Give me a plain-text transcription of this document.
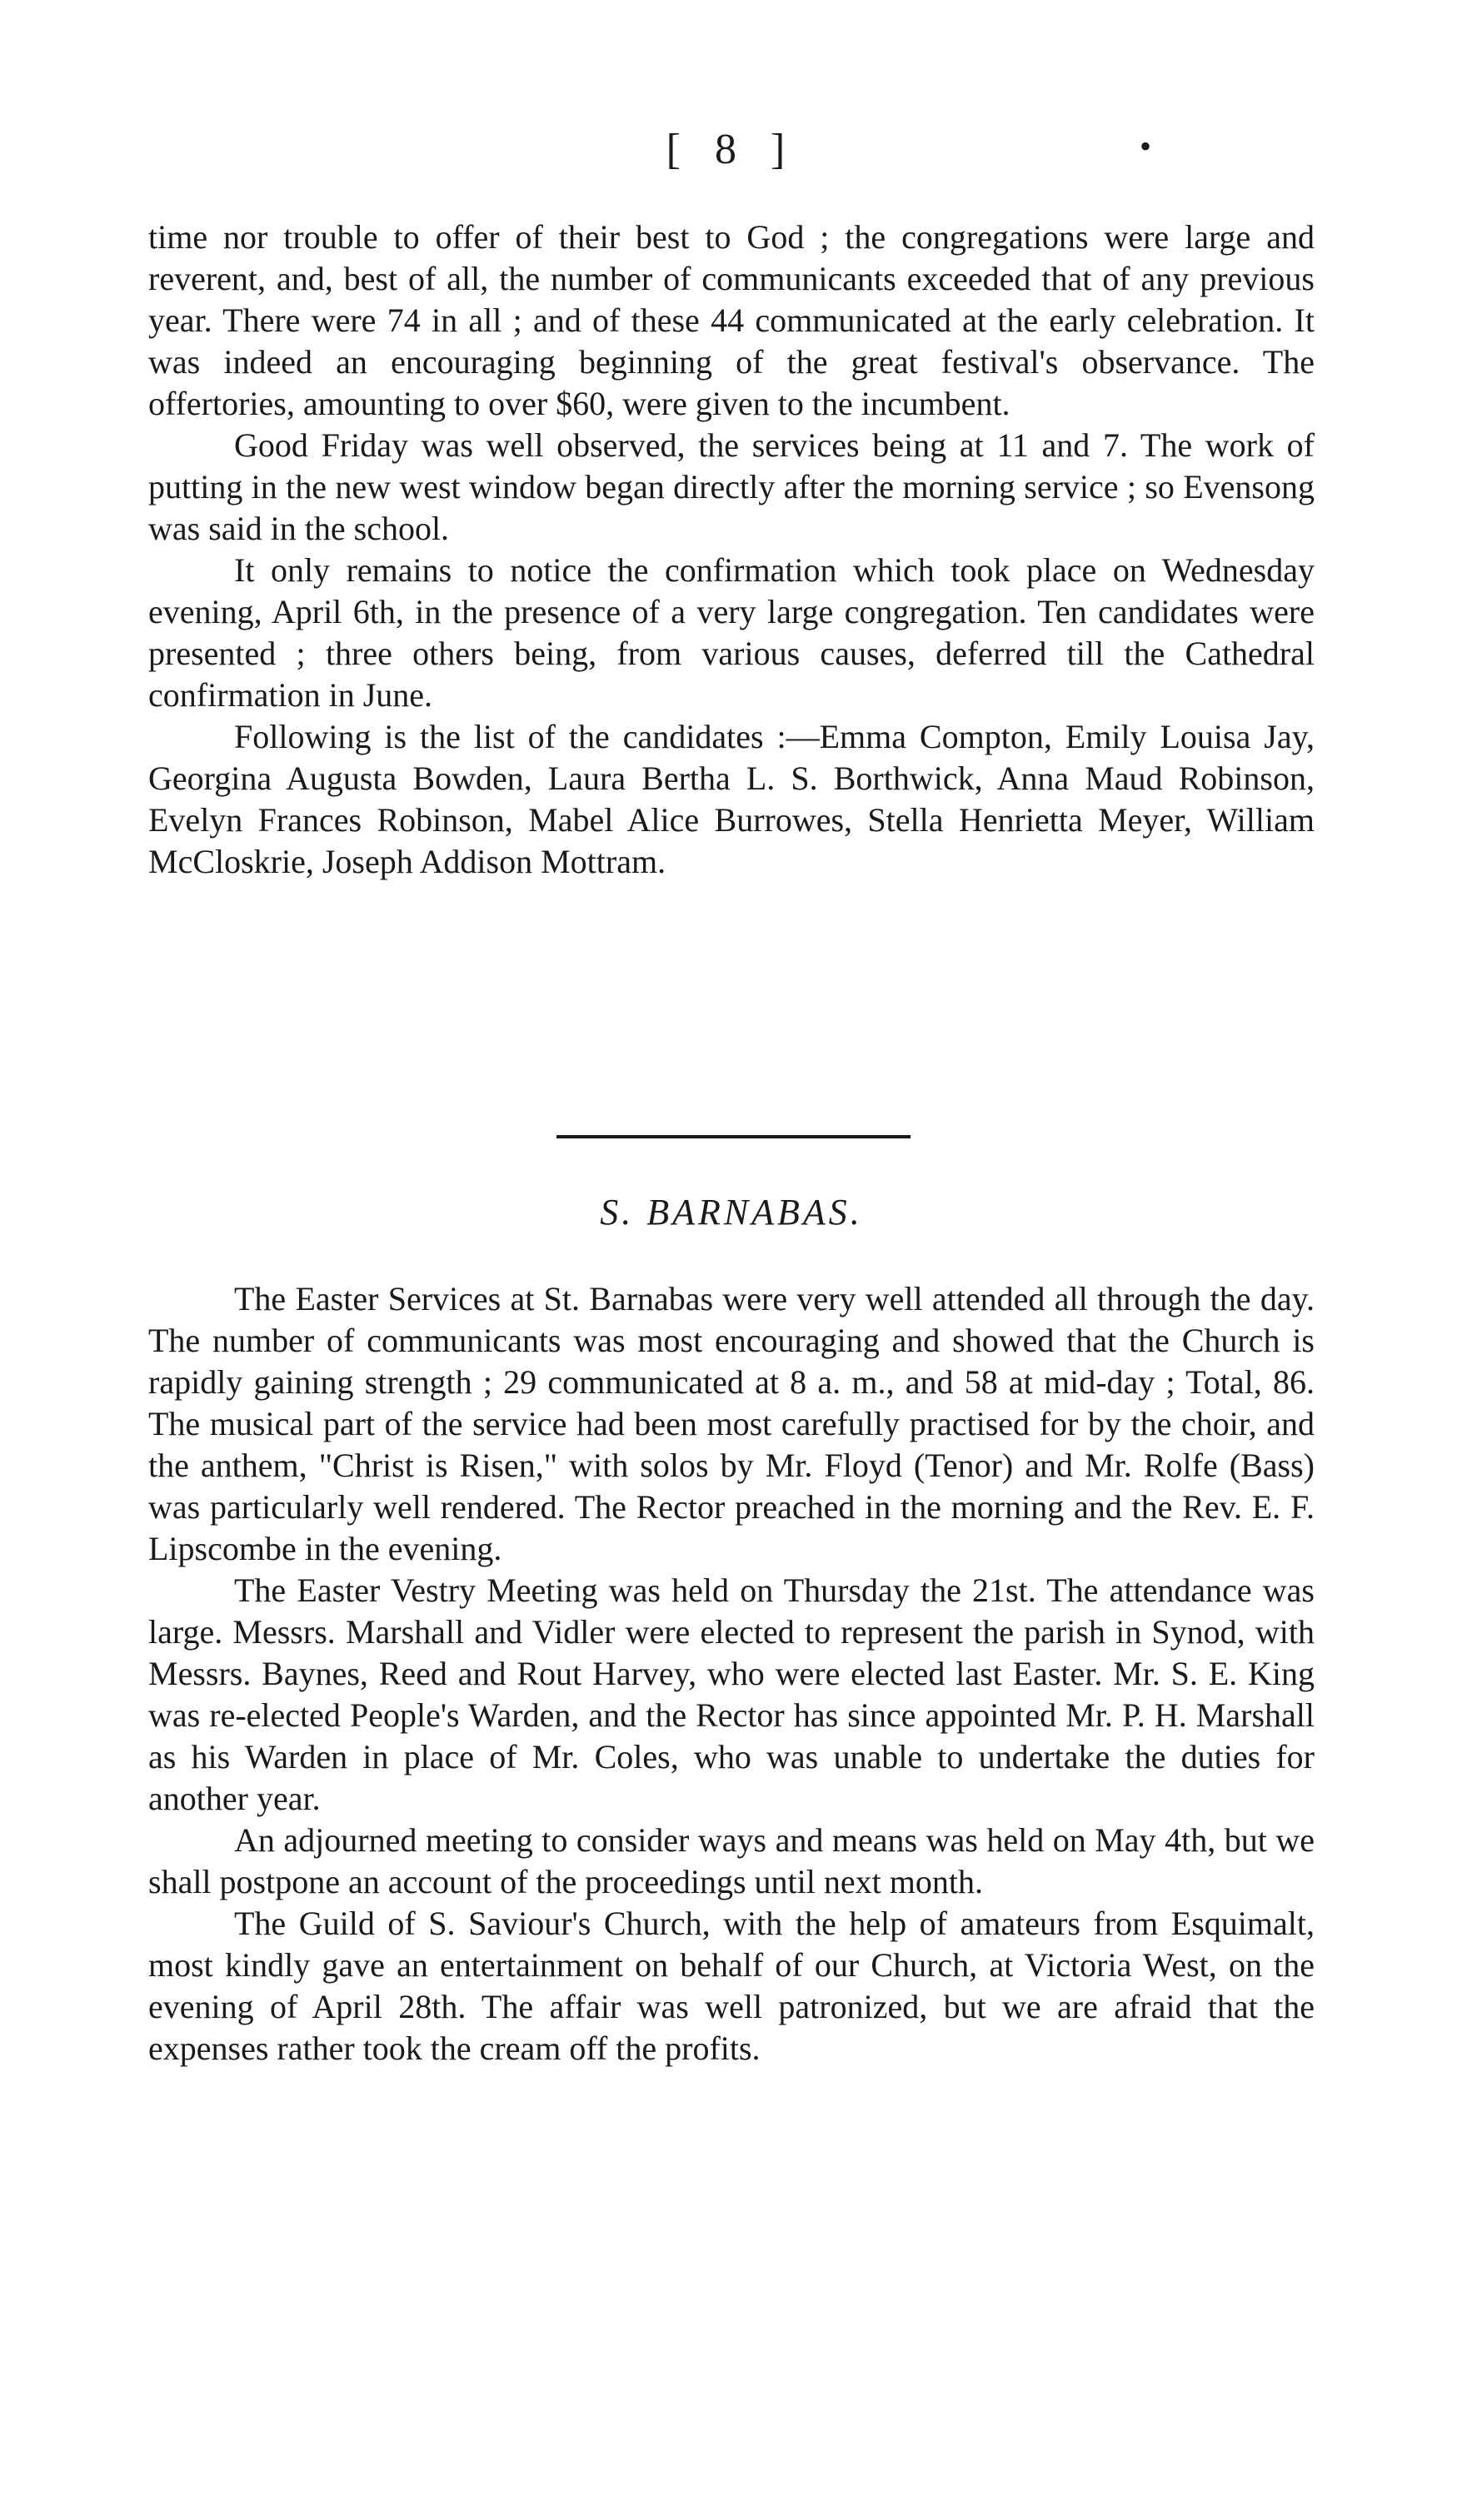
[ 8 ]	•

time nor trouble to offer of their best to God ; the congregations were large and reverent, and, best of all, the number of communicants exceeded that of any previous year. There were 74 in all ; and of these 44 communicated at the early celebration. It was indeed an encouraging beginning of the great festival's observance. The offertories, amounting to over $60, were given to the incumbent.

Good Friday was well observed, the services being at 11 and 7. The work of putting in the new west window began directly after the morning service ; so Evensong was said in the school.

It only remains to notice the confirmation which took place on Wednesday evening, April 6th, in the presence of a very large congregation. Ten candidates were presented ; three others being, from various causes, deferred till the Cathedral confirmation in June.

Following is the list of the candidates :—Emma Compton, Emily Louisa Jay, Georgina Augusta Bowden, Laura Bertha L. S. Borthwick, Anna Maud Robinson, Evelyn Frances Robinson, Mabel Alice Burrowes, Stella Henrietta Meyer, William McCloskrie, Joseph Addison Mottram.

S. BARNABAS.

The Easter Services at St. Barnabas were very well attended all through the day. The number of communicants was most encouraging and showed that the Church is rapidly gaining strength ; 29 communicated at 8 a. m., and 58 at mid-day ; Total, 86. The musical part of the service had been most carefully practised for by the choir, and the anthem, "Christ is Risen," with solos by Mr. Floyd (Tenor) and Mr. Rolfe (Bass) was particularly well rendered. The Rector preached in the morning and the Rev. E. F. Lipscombe in the evening.

The Easter Vestry Meeting was held on Thursday the 21st. The attendance was large. Messrs. Marshall and Vidler were elected to represent the parish in Synod, with Messrs. Baynes, Reed and Rout Harvey, who were elected last Easter. Mr. S. E. King was re-elected People's Warden, and the Rector has since appointed Mr. P. H. Marshall as his Warden in place of Mr. Coles, who was unable to undertake the duties for another year.

An adjourned meeting to consider ways and means was held on May 4th, but we shall postpone an account of the proceedings until next month.

The Guild of S. Saviour's Church, with the help of amateurs from Esquimalt, most kindly gave an entertainment on behalf of our Church, at Victoria West, on the evening of April 28th. The affair was well patronized, but we are afraid that the expenses rather took the cream off the profits.
